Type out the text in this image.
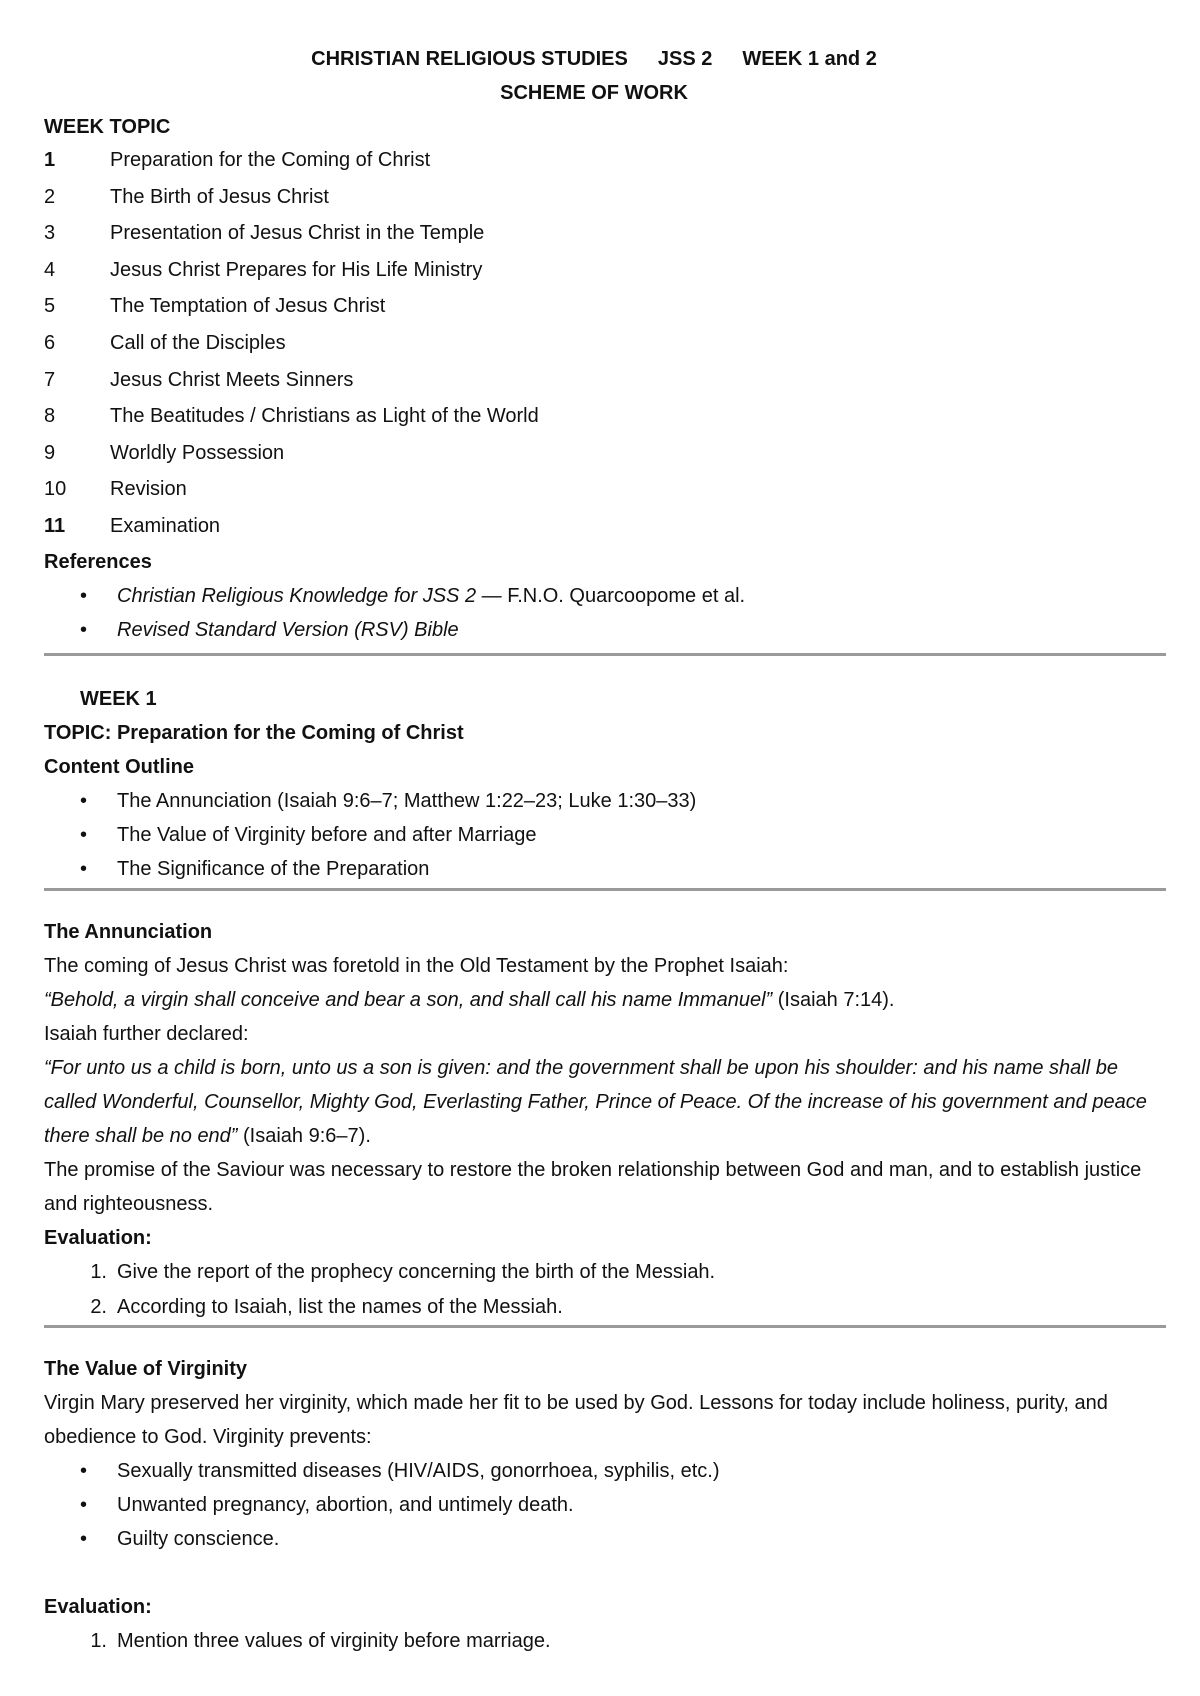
CHRISTIAN RELIGIOUS STUDIES JSS 2 WEEK 1 and 2
SCHEME OF WORK
WEEK TOPIC
1	Preparation for the Coming of Christ
2	The Birth of Jesus Christ
3	Presentation of Jesus Christ in the Temple
4	Jesus Christ Prepares for His Life Ministry
5	The Temptation of Jesus Christ
6	Call of the Disciples
7	Jesus Christ Meets Sinners
8	The Beatitudes / Christians as Light of the World
9	Worldly Possession
10	Revision
11	Examination
References
• Christian Religious Knowledge for JSS 2 — F.N.O. Quarcoopome et al.
• Revised Standard Version (RSV) Bible
WEEK 1
TOPIC: Preparation for the Coming of Christ
Content Outline
• The Annunciation (Isaiah 9:6–7; Matthew 1:22–23; Luke 1:30–33)
• The Value of Virginity before and after Marriage
• The Significance of the Preparation
The Annunciation
The coming of Jesus Christ was foretold in the Old Testament by the Prophet Isaiah:
“Behold, a virgin shall conceive and bear a son, and shall call his name Immanuel” (Isaiah 7:14).
Isaiah further declared:
“For unto us a child is born, unto us a son is given: and the government shall be upon his shoulder: and his name shall be called Wonderful, Counsellor, Mighty God, Everlasting Father, Prince of Peace. Of the increase of his government and peace there shall be no end” (Isaiah 9:6–7).
The promise of the Saviour was necessary to restore the broken relationship between God and man, and to establish justice and righteousness.
Evaluation:
1. Give the report of the prophecy concerning the birth of the Messiah.
2. According to Isaiah, list the names of the Messiah.
The Value of Virginity
Virgin Mary preserved her virginity, which made her fit to be used by God. Lessons for today include holiness, purity, and obedience to God. Virginity prevents:
• Sexually transmitted diseases (HIV/AIDS, gonorrhoea, syphilis, etc.)
• Unwanted pregnancy, abortion, and untimely death.
• Guilty conscience.
Evaluation:
1. Mention three values of virginity before marriage.
